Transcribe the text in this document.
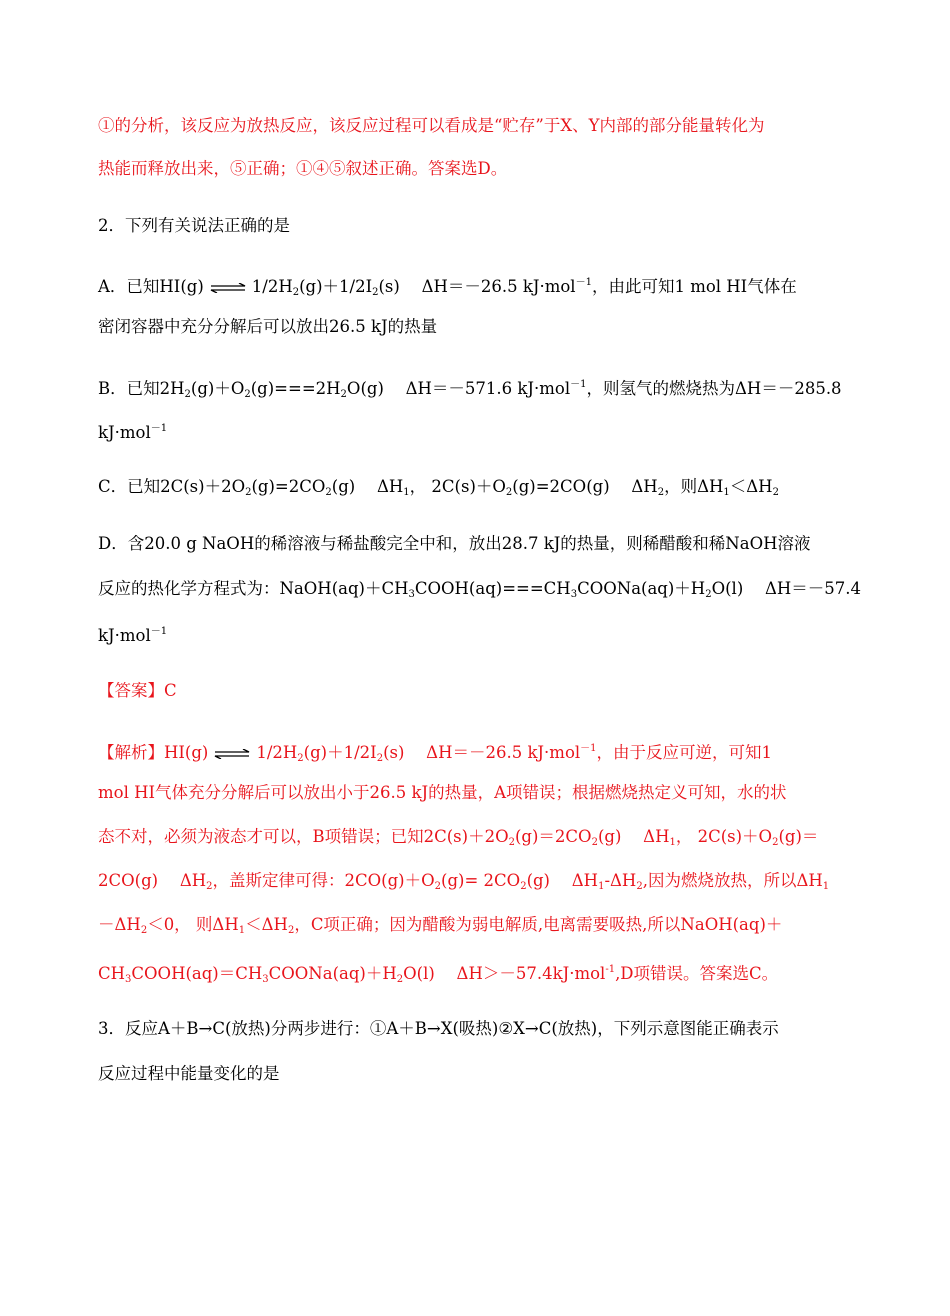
①的分析，该反应为放热反应，该反应过程可以看成是“贮存”于X、Y内部的部分能量转化为
热能而释放出来，⑤正确；①④⑤叙述正确。答案选D。
2．下列有关说法正确的是
A．已知HI(g) ⇌ $1/2H_2(g)+1/2I_2(s)$　 ΔH＝－26.5 kJ·mol$^{-1}$，由此可知1 mol HI气体在
密闭容器中充分分解后可以放出26.5 kJ的热量
B．已知$2H_2(g)+O_2(g)===2H_2O(g)$　 ΔH＝－571.6 kJ·mol$^{-1}$，则氢气的燃烧热为ΔH＝－285.8
kJ·mol$^{-1}$
C．已知$2C(s)+2O_2(g)=2CO_2(g)$　 $\Delta H_1$， $2C(s)+O_2(g)=2CO(g)$　 $\Delta H_2$，则$\Delta H_1<\Delta H_2$
D．含20.0 g NaOH的稀溶液与稀盐酸完全中和，放出28.7 kJ的热量，则稀醋酸和稀NaOH溶液
反应的热化学方程式为：$NaOH(aq)+CH_3COOH(aq)===CH_3COONa(aq)+H_2O(l)$　 ΔH＝－57.4
kJ·mol$^{-1}$
【答案】C
【解析】HI(g) ⇌ $1/2H_2(g)+1/2I_2(s)$　 ΔH＝－26.5 kJ·mol$^{-1}$，由于反应可逆，可知1
mol HI气体充分分解后可以放出小于26.5 kJ的热量，A项错误；根据燃烧热定义可知，水的状
态不对，必须为液态才可以，B项错误；已知$2C(s)+2O_2(g)=2CO_2(g)$　 $\Delta H_1$， $2C(s)+O_2(g)=$
2CO(g)　 $\Delta H_2$，盖斯定律可得：$2CO(g)+O_2(g)= 2CO_2(g)$　 $\Delta H_1-\Delta H_2$,因为燃烧放热，所以$\Delta H_1$
$-\Delta H_2<0$， 则$\Delta H_1<\Delta H_2$，C项正确；因为醋酸为弱电解质,电离需要吸热,所以NaOH(aq)＋
$CH_3COOH(aq)=CH_3COONa(aq)+H_2O(l)$　 ΔH＞－57.4kJ·mol$^{-1}$,D项错误。答案选C。
3．反应A＋B→C(放热)分两步进行：①A＋B→X(吸热)②X→C(放热)，下列示意图能正确表示
反应过程中能量变化的是
